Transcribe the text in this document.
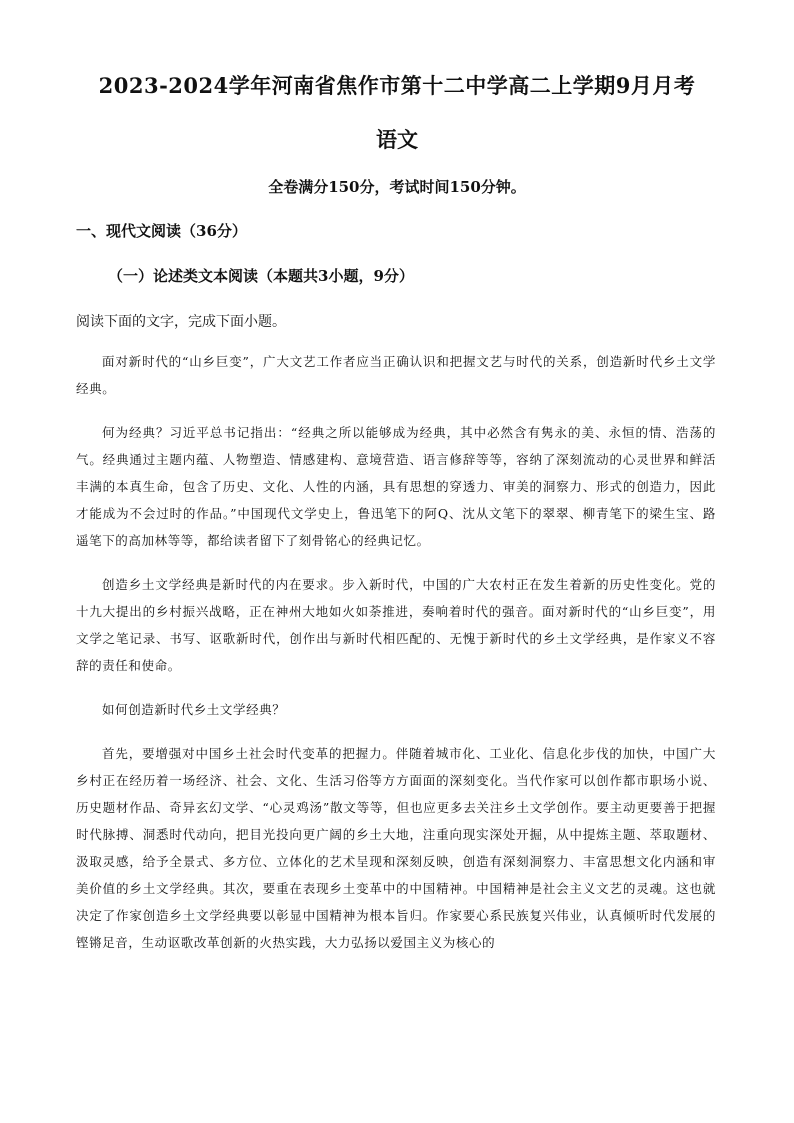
2023-2024学年河南省焦作市第十二中学高二上学期9月月考
语文
全卷满分150分，考试时间150分钟。
一、现代文阅读（36分）
（一）论述类文本阅读（本题共3小题，9分）
阅读下面的文字，完成下面小题。

面对新时代的“山乡巨变”，广大文艺工作者应当正确认识和把握文艺与时代的关系，创造新时代乡土文学经典。

何为经典？习近平总书记指出：“经典之所以能够成为经典，其中必然含有隽永的美、永恒的情、浩荡的气。经典通过主题内蕴、人物塑造、情感建构、意境营造、语言修辞等等，容纳了深刻流动的心灵世界和鲜活丰满的本真生命，包含了历史、文化、人性的内涵，具有思想的穿透力、审美的洞察力、形式的创造力，因此才能成为不会过时的作品。”中国现代文学史上，鲁迅笔下的阿Q、沈从文笔下的翠翠、柳青笔下的梁生宝、路遥笔下的高加林等等，都给读者留下了刻骨铭心的经典记忆。

创造乡土文学经典是新时代的内在要求。步入新时代，中国的广大农村正在发生着新的历史性变化。党的十九大提出的乡村振兴战略，正在神州大地如火如荼推进，奏响着时代的强音。面对新时代的“山乡巨变”，用文学之笔记录、书写、讴歌新时代，创作出与新时代相匹配的、无愧于新时代的乡土文学经典，是作家义不容辞的责任和使命。

如何创造新时代乡土文学经典？

首先，要增强对中国乡土社会时代变革的把握力。伴随着城市化、工业化、信息化步伐的加快，中国广大乡村正在经历着一场经济、社会、文化、生活习俗等方方面面的深刻变化。当代作家可以创作都市职场小说、历史题材作品、奇异玄幻文学、“心灵鸡汤”散文等等，但也应更多去关注乡土文学创作。要主动更要善于把握时代脉搏、洞悉时代动向，把目光投向更广阔的乡土大地，注重向现实深处开掘，从中提炼主题、萃取题材、汲取灵感，给予全景式、多方位、立体化的艺术呈现和深刻反映，创造有深刻洞察力、丰富思想文化内涵和审美价值的乡土文学经典。其次，要重在表现乡土变革中的中国精神。中国精神是社会主义文艺的灵魂。这也就决定了作家创造乡土文学经典要以彰显中国精神为根本旨归。作家要心系民族复兴伟业，认真倾听时代发展的铿锵足音，生动讴歌改革创新的火热实践，大力弘扬以爱国主义为核心的
